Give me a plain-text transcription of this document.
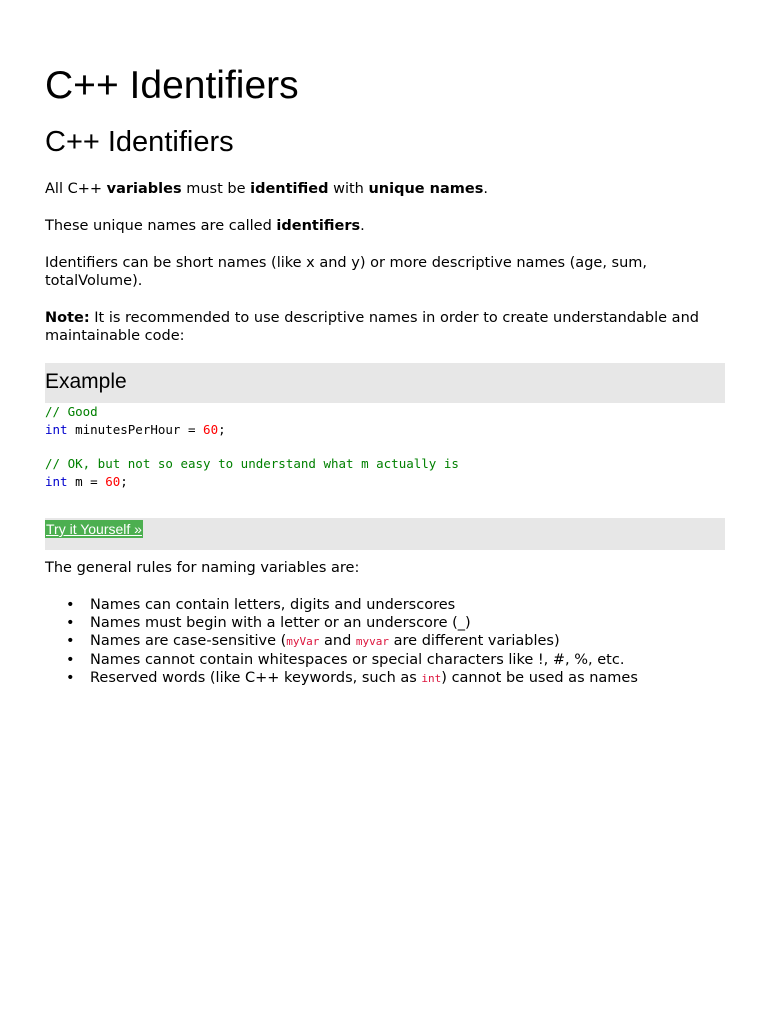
C++ Identifiers
C++ Identifiers

All C++ variables must be identified with unique names.

These unique names are called identifiers.

Identifiers can be short names (like x and y) or more descriptive names (age, sum, totalVolume).

Note: It is recommended to use descriptive names in order to create understandable and maintainable code:

Example
// Good
int minutesPerHour = 60;
// OK, but not so easy to understand what m actually is
int m = 60;
Try it Yourself »

The general rules for naming variables are:

• Names can contain letters, digits and underscores
• Names must begin with a letter or an underscore (_)
• Names are case-sensitive (myVar and myvar are different variables)
• Names cannot contain whitespaces or special characters like !, #, %, etc.
• Reserved words (like C++ keywords, such as int) cannot be used as names
